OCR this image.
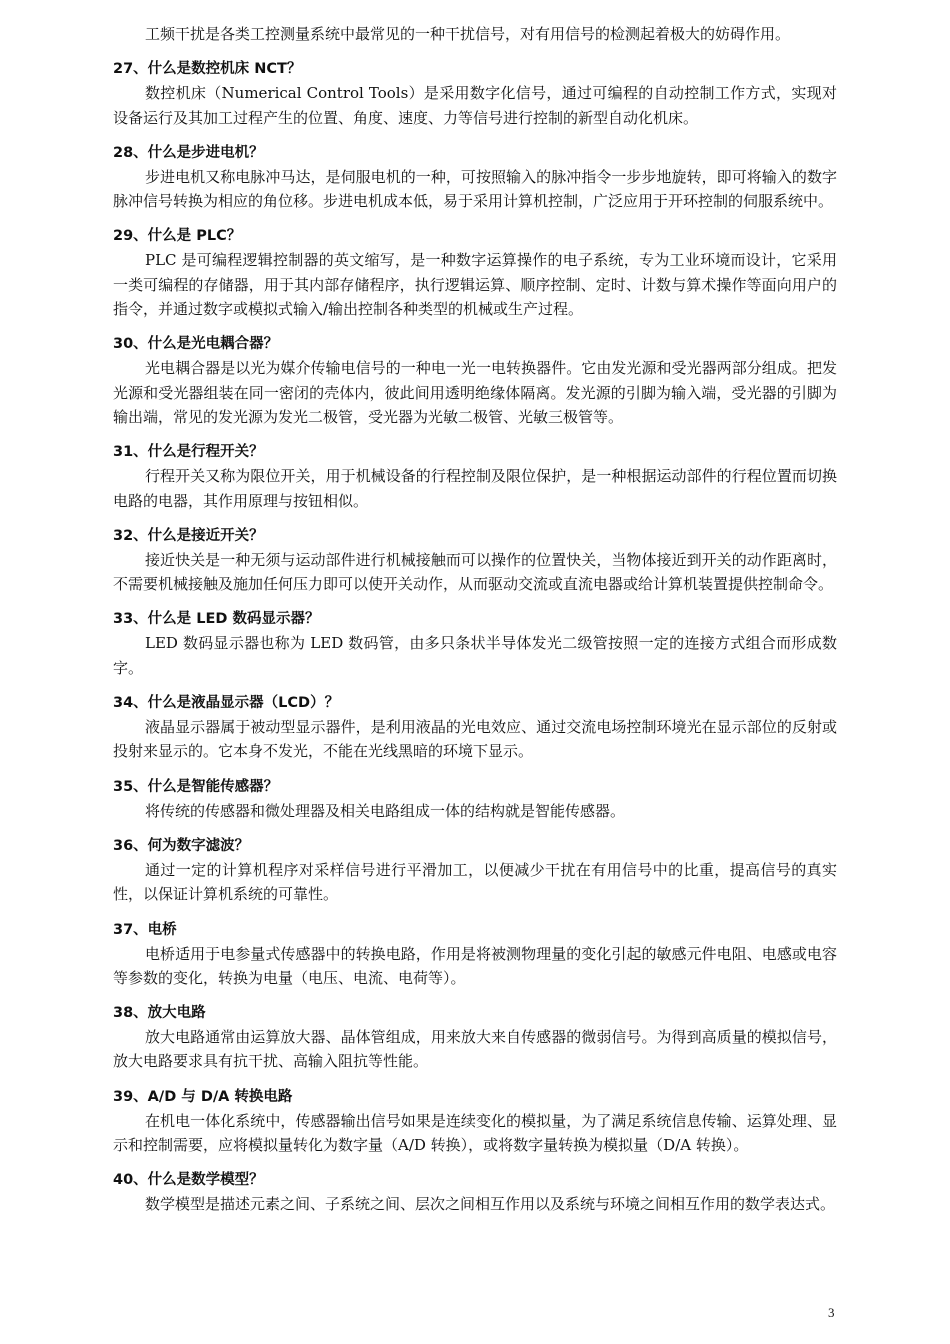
工频干扰是各类工控测量系统中最常见的一种干扰信号，对有用信号的检测起着极大的妨碍作用。

27、什么是数控机床 NCT？

数控机床（Numerical Control Tools）是采用数字化信号，通过可编程的自动控制工作方式，实现对设备运行及其加工过程产生的位置、角度、速度、力等信号进行控制的新型自动化机床。

28、什么是步进电机？

步进电机又称电脉冲马达，是伺服电机的一种，可按照输入的脉冲指令一步步地旋转，即可将输入的数字脉冲信号转换为相应的角位移。步进电机成本低，易于采用计算机控制，广泛应用于开环控制的伺服系统中。

29、什么是 PLC？

PLC 是可编程逻辑控制器的英文缩写，是一种数字运算操作的电子系统，专为工业环境而设计，它采用一类可编程的存储器，用于其内部存储程序，执行逻辑运算、顺序控制、定时、计数与算术操作等面向用户的指令，并通过数字或模拟式输入/输出控制各种类型的机械或生产过程。

30、什么是光电耦合器？

光电耦合器是以光为媒介传输电信号的一种电一光一电转换器件。它由发光源和受光器两部分组成。把发光源和受光器组装在同一密闭的壳体内，彼此间用透明绝缘体隔离。发光源的引脚为输入端，受光器的引脚为输出端，常见的发光源为发光二极管，受光器为光敏二极管、光敏三极管等。

31、什么是行程开关？

行程开关又称为限位开关，用于机械设备的行程控制及限位保护，是一种根据运动部件的行程位置而切换电路的电器，其作用原理与按钮相似。

32、什么是接近开关？

接近快关是一种无须与运动部件进行机械接触而可以操作的位置快关，当物体接近到开关的动作距离时，不需要机械接触及施加任何压力即可以使开关动作，从而驱动交流或直流电器或给计算机装置提供控制命令。

33、什么是 LED 数码显示器？

LED 数码显示器也称为 LED 数码管，由多只条状半导体发光二级管按照一定的连接方式组合而形成数字。

34、什么是液晶显示器（LCD）？

液晶显示器属于被动型显示器件，是利用液晶的光电效应、通过交流电场控制环境光在显示部位的反射或投射来显示的。它本身不发光，不能在光线黑暗的环境下显示。

35、什么是智能传感器？

将传统的传感器和微处理器及相关电路组成一体的结构就是智能传感器。

36、何为数字滤波？

通过一定的计算机程序对采样信号进行平滑加工，以便减少干扰在有用信号中的比重，提高信号的真实性，以保证计算机系统的可靠性。

37、电桥

电桥适用于电参量式传感器中的转换电路，作用是将被测物理量的变化引起的敏感元件电阻、电感或电容等参数的变化，转换为电量（电压、电流、电荷等）。

38、放大电路

放大电路通常由运算放大器、晶体管组成，用来放大来自传感器的微弱信号。为得到高质量的模拟信号，放大电路要求具有抗干扰、高输入阻抗等性能。

39、A/D 与 D/A 转换电路

在机电一体化系统中，传感器输出信号如果是连续变化的模拟量，为了满足系统信息传输、运算处理、显示和控制需要，应将模拟量转化为数字量（A/D 转换），或将数字量转换为模拟量（D/A 转换）。

40、什么是数学模型？

数学模型是描述元素之间、子系统之间、层次之间相互作用以及系统与环境之间相互作用的数学表达式。

3
